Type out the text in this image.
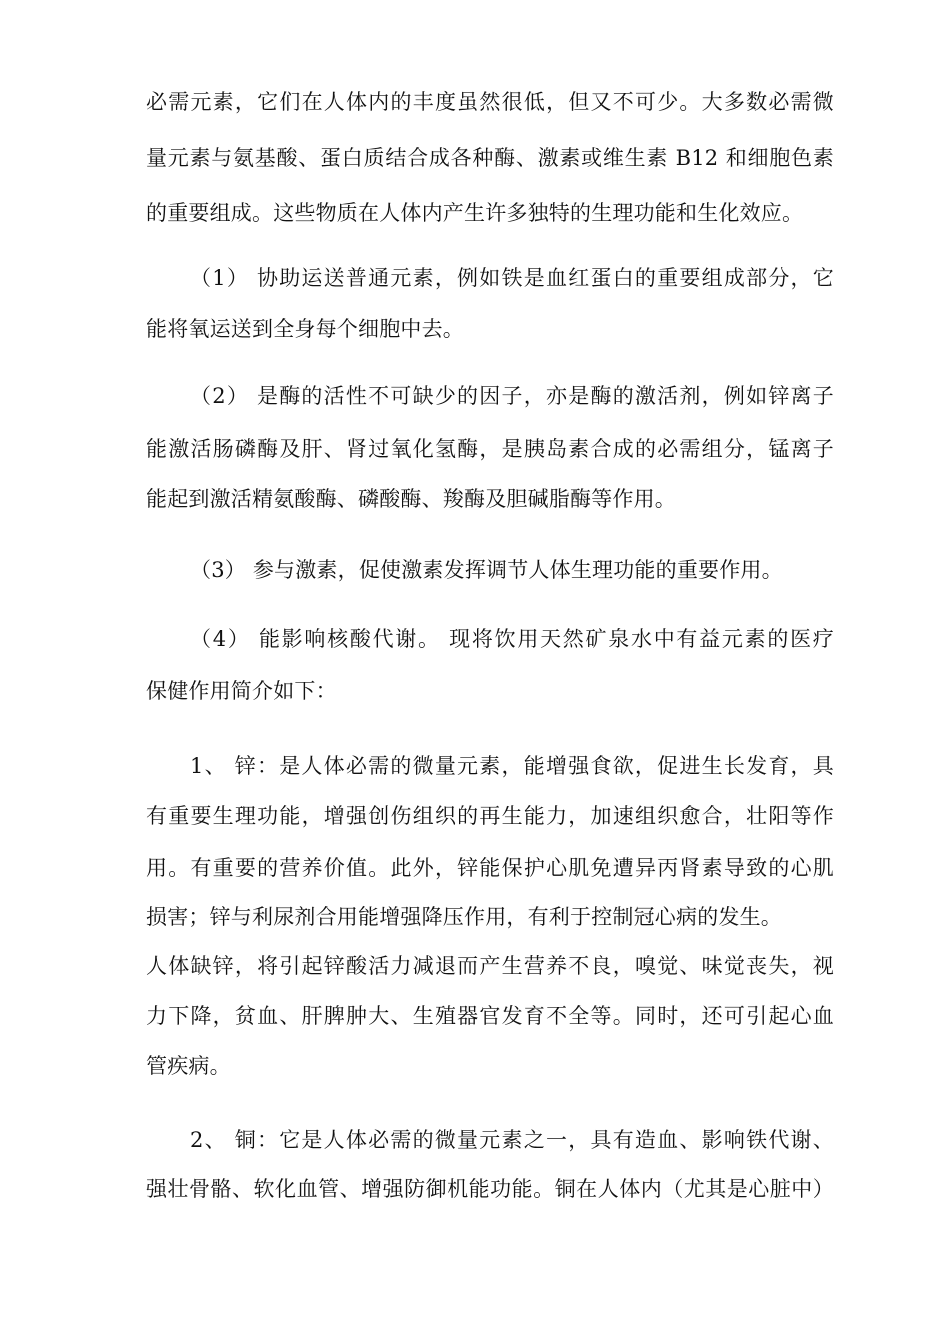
必需元素，它们在人体内的丰度虽然很低，但又不可少。大多数必需微
量元素与氨基酸、蛋白质结合成各种酶、激素或维生素 B12 和细胞色素
的重要组成。这些物质在人体内产生许多独特的生理功能和生化效应。
（1） 协助运送普通元素，例如铁是血红蛋白的重要组成部分，它
能将氧运送到全身每个细胞中去。
（2） 是酶的活性不可缺少的因子，亦是酶的激活剂，例如锌离子
能激活肠磷酶及肝、肾过氧化氢酶，是胰岛素合成的必需组分，锰离子
能起到激活精氨酸酶、磷酸酶、羧酶及胆碱脂酶等作用。
（3） 参与激素，促使激素发挥调节人体生理功能的重要作用。
（4） 能影响核酸代谢。 现将饮用天然矿泉水中有益元素的医疗
保健作用简介如下：
1、 锌：是人体必需的微量元素，能增强食欲，促进生长发育，具
有重要生理功能，增强创伤组织的再生能力，加速组织愈合，壮阳等作
用。有重要的营养价值。此外，锌能保护心肌免遭异丙肾素导致的心肌
损害；锌与利尿剂合用能增强降压作用，有利于控制冠心病的发生。
人体缺锌，将引起锌酸活力减退而产生营养不良，嗅觉、味觉丧失，视
力下降，贫血、肝脾肿大、生殖器官发育不全等。同时，还可引起心血
管疾病。
2、 铜：它是人体必需的微量元素之一，具有造血、影响铁代谢、
强壮骨骼、软化血管、增强防御机能功能。铜在人体内（尤其是心脏中）
